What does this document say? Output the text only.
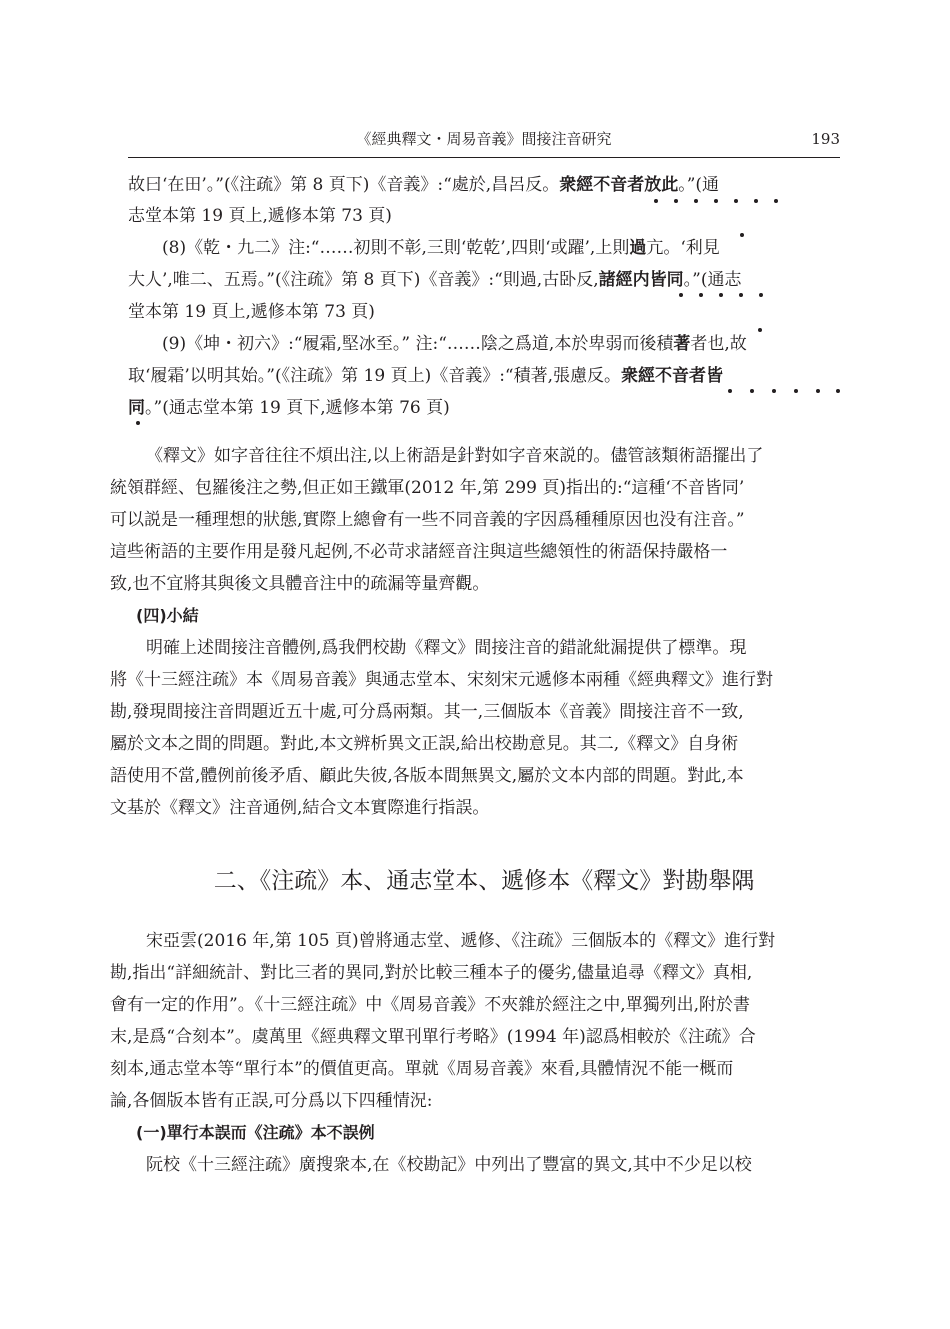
《經典釋文・周易音義》間接注音研究	193
故曰‘在田’。”(《注疏》第 8 頁下)《音義》:“處於,昌呂反。衆經不音者放此。”(通
志堂本第 19 頁上,遞修本第 73 頁)
(8)《乾・九二》注:“……初則不彰,三則‘乾乾’,四則‘或躍’,上則過亢。‘利見
大人’,唯二、五焉。”(《注疏》第 8 頁下)《音義》:“則過,古卧反,諸經内皆同。”(通志
堂本第 19 頁上,遞修本第 73 頁)
(9)《坤・初六》:“履霜,堅冰至。” 注:“……陰之爲道,本於卑弱而後積著者也,故
取‘履霜’以明其始。”(《注疏》第 19 頁上)《音義》:“積著,張慮反。衆經不音者皆
同。”(通志堂本第 19 頁下,遞修本第 76 頁)
《釋文》如字音往往不煩出注,以上術語是針對如字音來説的。儘管該類術語擺出了
統領群經、包羅後注之勢,但正如王鐵軍(2012 年,第 299 頁)指出的:“這種‘不音皆同’
可以説是一種理想的狀態,實際上總會有一些不同音義的字因爲種種原因也没有注音。”
這些術語的主要作用是發凡起例,不必苛求諸經音注與這些總領性的術語保持嚴格一
致,也不宜將其與後文具體音注中的疏漏等量齊觀。
(四)小結
明確上述間接注音體例,爲我們校勘《釋文》間接注音的錯訛紕漏提供了標準。現
將《十三經注疏》本《周易音義》與通志堂本、宋刻宋元遞修本兩種《經典釋文》進行對
勘,發現間接注音問題近五十處,可分爲兩類。其一,三個版本《音義》間接注音不一致,
屬於文本之間的問題。對此,本文辨析異文正誤,給出校勘意見。其二,《釋文》自身術
語使用不當,體例前後矛盾、顧此失彼,各版本間無異文,屬於文本内部的問題。對此,本
文基於《釋文》注音通例,結合文本實際進行指誤。
二、《注疏》本、通志堂本、遞修本《釋文》對勘舉隅
宋亞雲(2016 年,第 105 頁)曾將通志堂、遞修、《注疏》三個版本的《釋文》進行對
勘,指出“詳細統計、對比三者的異同,對於比較三種本子的優劣,儘量追尋《釋文》真相,
會有一定的作用”。《十三經注疏》中《周易音義》不夾雜於經注之中,單獨列出,附於書
末,是爲“合刻本”。虞萬里《經典釋文單刊單行考略》(1994 年)認爲相較於《注疏》合
刻本,通志堂本等“單行本”的價值更高。單就《周易音義》來看,具體情況不能一概而
論,各個版本皆有正誤,可分爲以下四種情況:
(一)單行本誤而《注疏》本不誤例
阮校《十三經注疏》廣搜衆本,在《校勘記》中列出了豐富的異文,其中不少足以校
